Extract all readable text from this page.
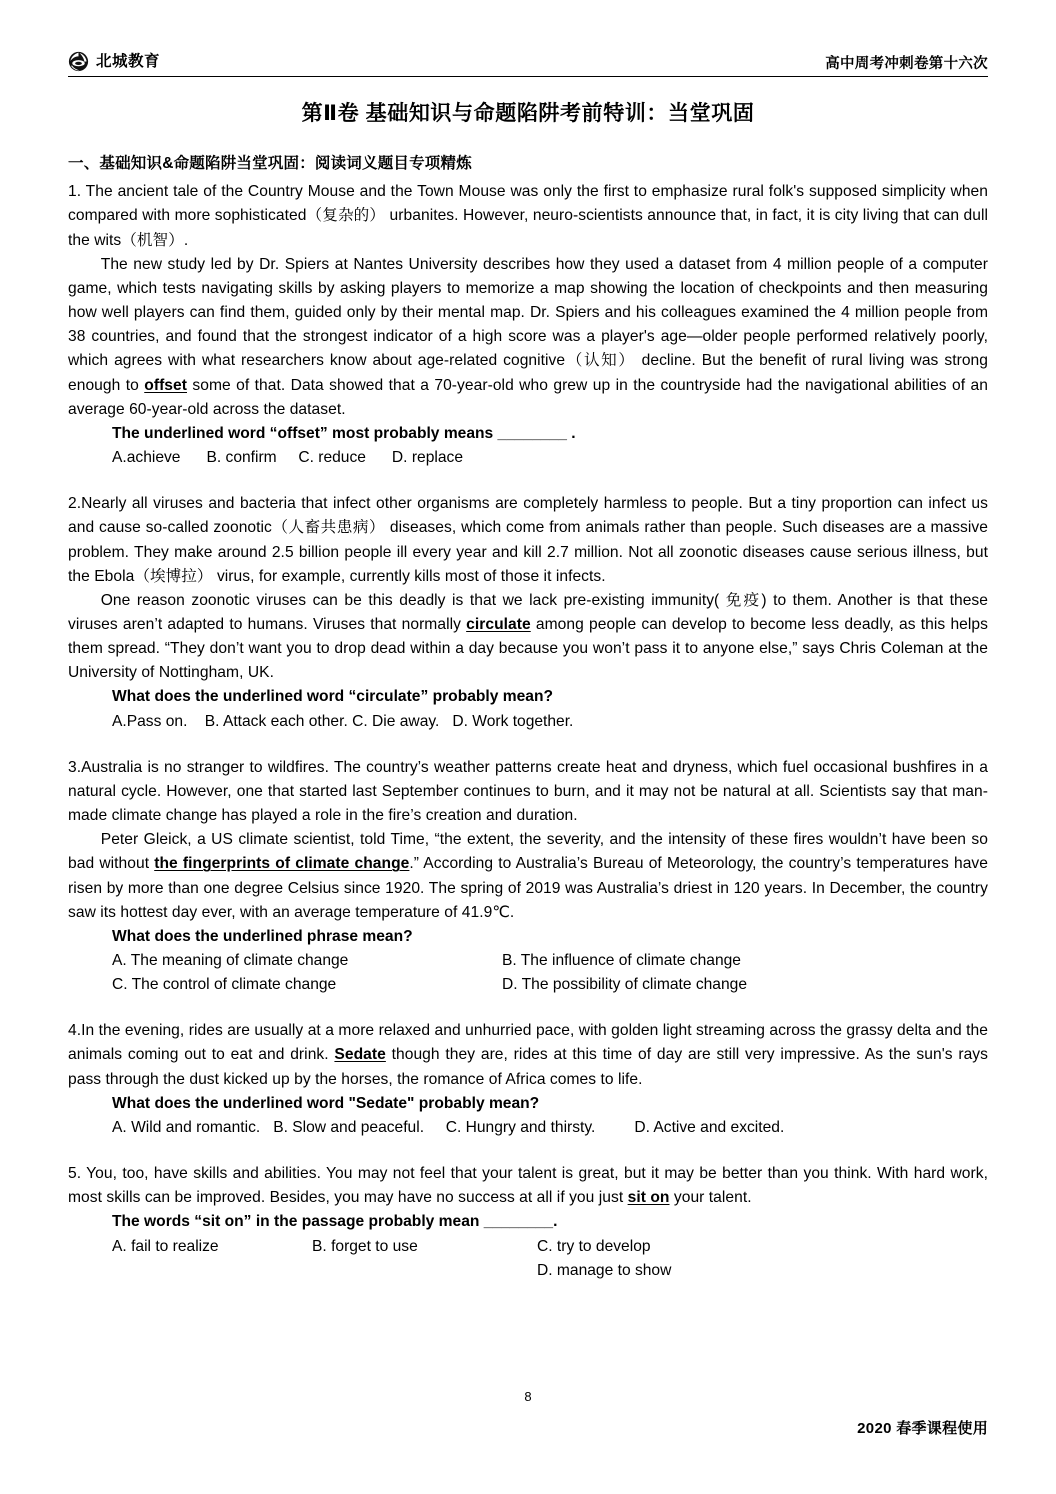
北城教育	高中周考冲刺卷第十六次
第Ⅱ卷 基础知识与命题陷阱考前特训：当堂巩固
一、基础知识&命题陷阱当堂巩固：阅读词义题目专项精炼

1. The ancient tale of the Country Mouse and the Town Mouse was only the first to emphasize rural folk's supposed simplicity when compared with more sophisticated（复杂的） urbanites. However, neuro-scientists announce that, in fact, it is city living that can dull the wits（机智）.

The new study led by Dr. Spiers at Nantes University describes how they used a dataset from 4 million people of a computer game, which tests navigating skills by asking players to memorize a map showing the location of checkpoints and then measuring how well players can find them, guided only by their mental map. Dr. Spiers and his colleagues examined the 4 million people from 38 countries, and found that the strongest indicator of a high score was a player's age—older people performed relatively poorly, which agrees with what researchers know about age-related cognitive（认知） decline. But the benefit of rural living was strong enough to offset some of that. Data showed that a 70-year-old who grew up in the countryside had the navigational abilities of an average 60-year-old across the dataset.

The underlined word “offset” most probably means ________ .

A.achieve      B. confirm     C. reduce      D. replace

2.Nearly all viruses and bacteria that infect other organisms are completely harmless to people. But a tiny proportion can infect us and cause so-called zoonotic（人畜共患病） diseases, which come from animals rather than people. Such diseases are a massive problem. They make around 2.5 billion people ill every year and kill 2.7 million. Not all zoonotic diseases cause serious illness, but the Ebola（埃博拉） virus, for example, currently kills most of those it infects.

One reason zoonotic viruses can be this deadly is that we lack pre-existing immunity( 免疫) to them. Another is that these viruses aren’t adapted to humans. Viruses that normally circulate among people can develop to become less deadly, as this helps them spread. “They don’t want you to drop dead within a day because you won’t pass it to anyone else,” says Chris Coleman at the University of Nottingham, UK.

What does the underlined word “circulate” probably mean?

A.Pass on.    B. Attack each other. C. Die away.   D. Work together.

3.Australia is no stranger to wildfires. The country’s weather patterns create heat and dryness, which fuel occasional bushfires in a natural cycle. However, one that started last September continues to burn, and it may not be natural at all. Scientists say that man-made climate change has played a role in the fire’s creation and duration.

Peter Gleick, a US climate scientist, told Time, “the extent, the severity, and the intensity of these fires wouldn’t have been so bad without the fingerprints of climate change.” According to Australia’s Bureau of Meteorology, the country’s temperatures have risen by more than one degree Celsius since 1920. The spring of 2019 was Australia’s driest in 120 years. In December, the country saw its hottest day ever, with an average temperature of 41.9℃.

What does the underlined phrase mean?

A. The meaning of climate change	B. The influence of climate change
C. The control of climate change	D. The possibility of climate change

4.In the evening, rides are usually at a more relaxed and unhurried pace, with golden light streaming across the grassy delta and the animals coming out to eat and drink. Sedate though they are, rides at this time of day are still very impressive. As the sun's rays pass through the dust kicked up by the horses, the romance of Africa comes to life.

What does the underlined word "Sedate" probably mean?

A. Wild and romantic.   B. Slow and peaceful.     C. Hungry and thirsty.         D. Active and excited.

5. You, too, have skills and abilities. You may not feel that your talent is great, but it may be better than you think. With hard work, most skills can be improved. Besides, you may have no success at all if you just sit on your talent.

The words “sit on” in the passage probably mean ________.

A. fail to realize	B. forget to use	C. try to develop
D. manage to show
8
2020 春季课程使用
